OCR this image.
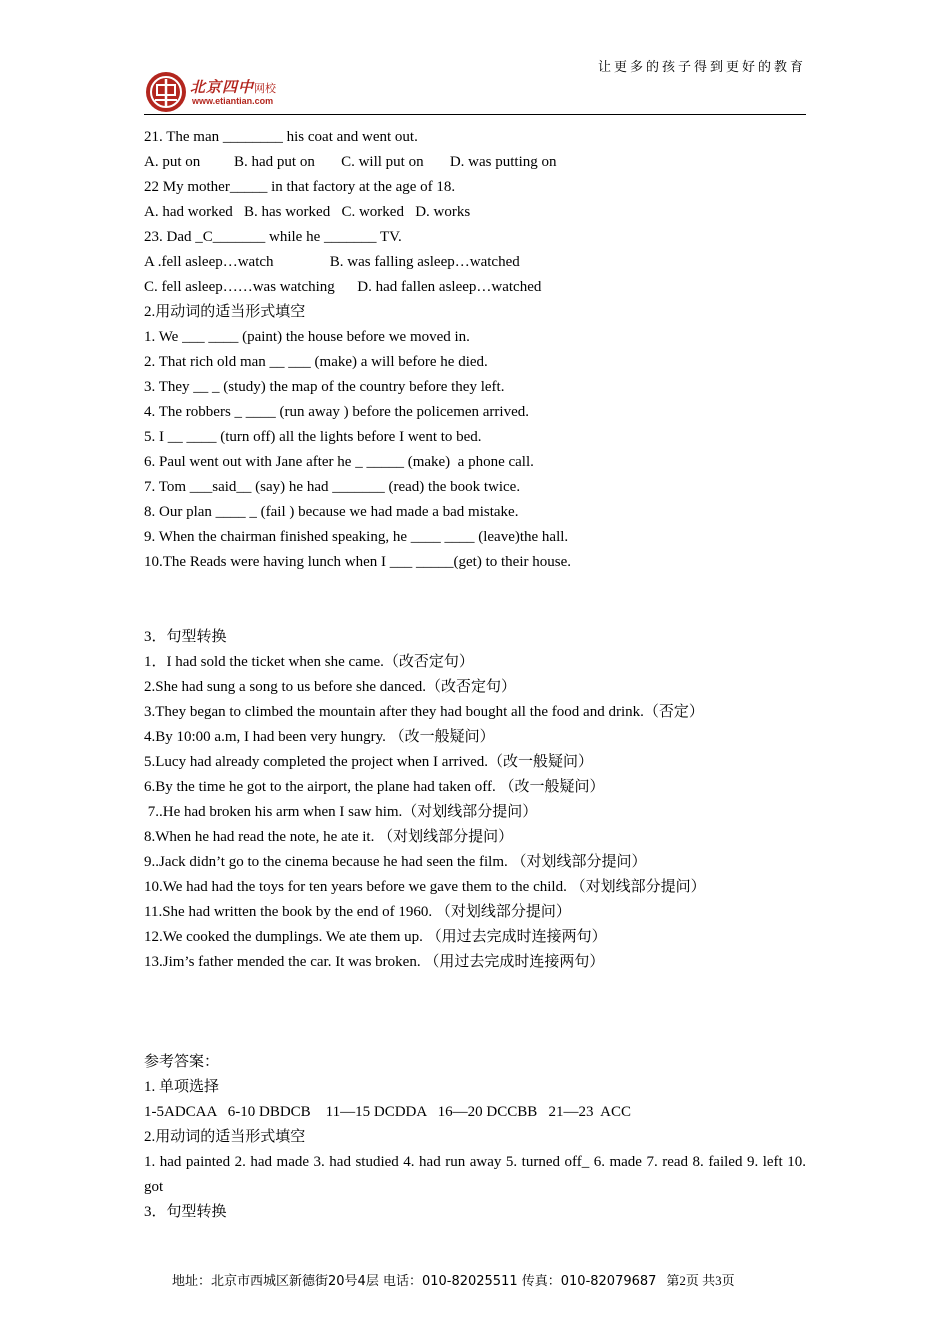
让更多的孩子得到更好的教育
北京四中网校
www.etiantian.com
21. The man ________ his coat and went out.
A. put on         B. had put on       C. will put on       D. was putting on
22 My mother_____ in that factory at the age of 18.
A. had worked   B. has worked   C. worked   D. works
23. Dad _C_______ while he _______ TV.
A .fell asleep…watch               B. was falling asleep…watched
C. fell asleep……was watching      D. had fallen asleep…watched
2.用动词的适当形式填空
1. We ___ ____ (paint) the house before we moved in.
2. That rich old man __ ___ (make) a will before he died.
3. They __ _ (study) the map of the country before they left.
4. The robbers _ ____ (run away ) before the policemen arrived.
5. I __ ____ (turn off) all the lights before I went to bed.
6. Paul went out with Jane after he _ _____ (make)  a phone call.
7. Tom ___said__ (say) he had _______ (read) the book twice.
8. Our plan ____ _ (fail ) because we had made a bad mistake.
9. When the chairman finished speaking, he ____ ____ (leave)the hall.
10.The Reads were having lunch when I ___ _____(get) to their house.
3．句型转换
1．I had sold the ticket when she came.（改否定句）
2.She had sung a song to us before she danced.（改否定句）
3.They began to climbed the mountain after they had bought all the food and drink.（否定）
4.By 10:00 a.m, I had been very hungry. （改一般疑问）
5.Lucy had already completed the project when I arrived.（改一般疑问）
6.By the time he got to the airport, the plane had taken off. （改一般疑问）
7..He had broken his arm when I saw him.（对划线部分提问）
8.When he had read the note, he ate it. （对划线部分提问）
9..Jack didn’t go to the cinema because he had seen the film. （对划线部分提问）
10.We had had the toys for ten years before we gave them to the child. （对划线部分提问）
11.She had written the book by the end of 1960. （对划线部分提问）
12.We cooked the dumplings. We ate them up. （用过去完成时连接两句）
13.Jim’s father mended the car. It was broken. （用过去完成时连接两句）
参考答案：
1. 单项选择
1-5ADCAA   6-10 DBDCB    11—15 DCDDA   16—20 DCCBB   21—23  ACC
2.用动词的适当形式填空
1. had painted 2. had made 3. had studied 4. had run away 5. turned off_ 6. made 7. read 8. failed 9. left 10. got
3．句型转换
地址：北京市西城区新德街20号4层 电话：010-82025511 传真：010-82079687 第2页 共3页
